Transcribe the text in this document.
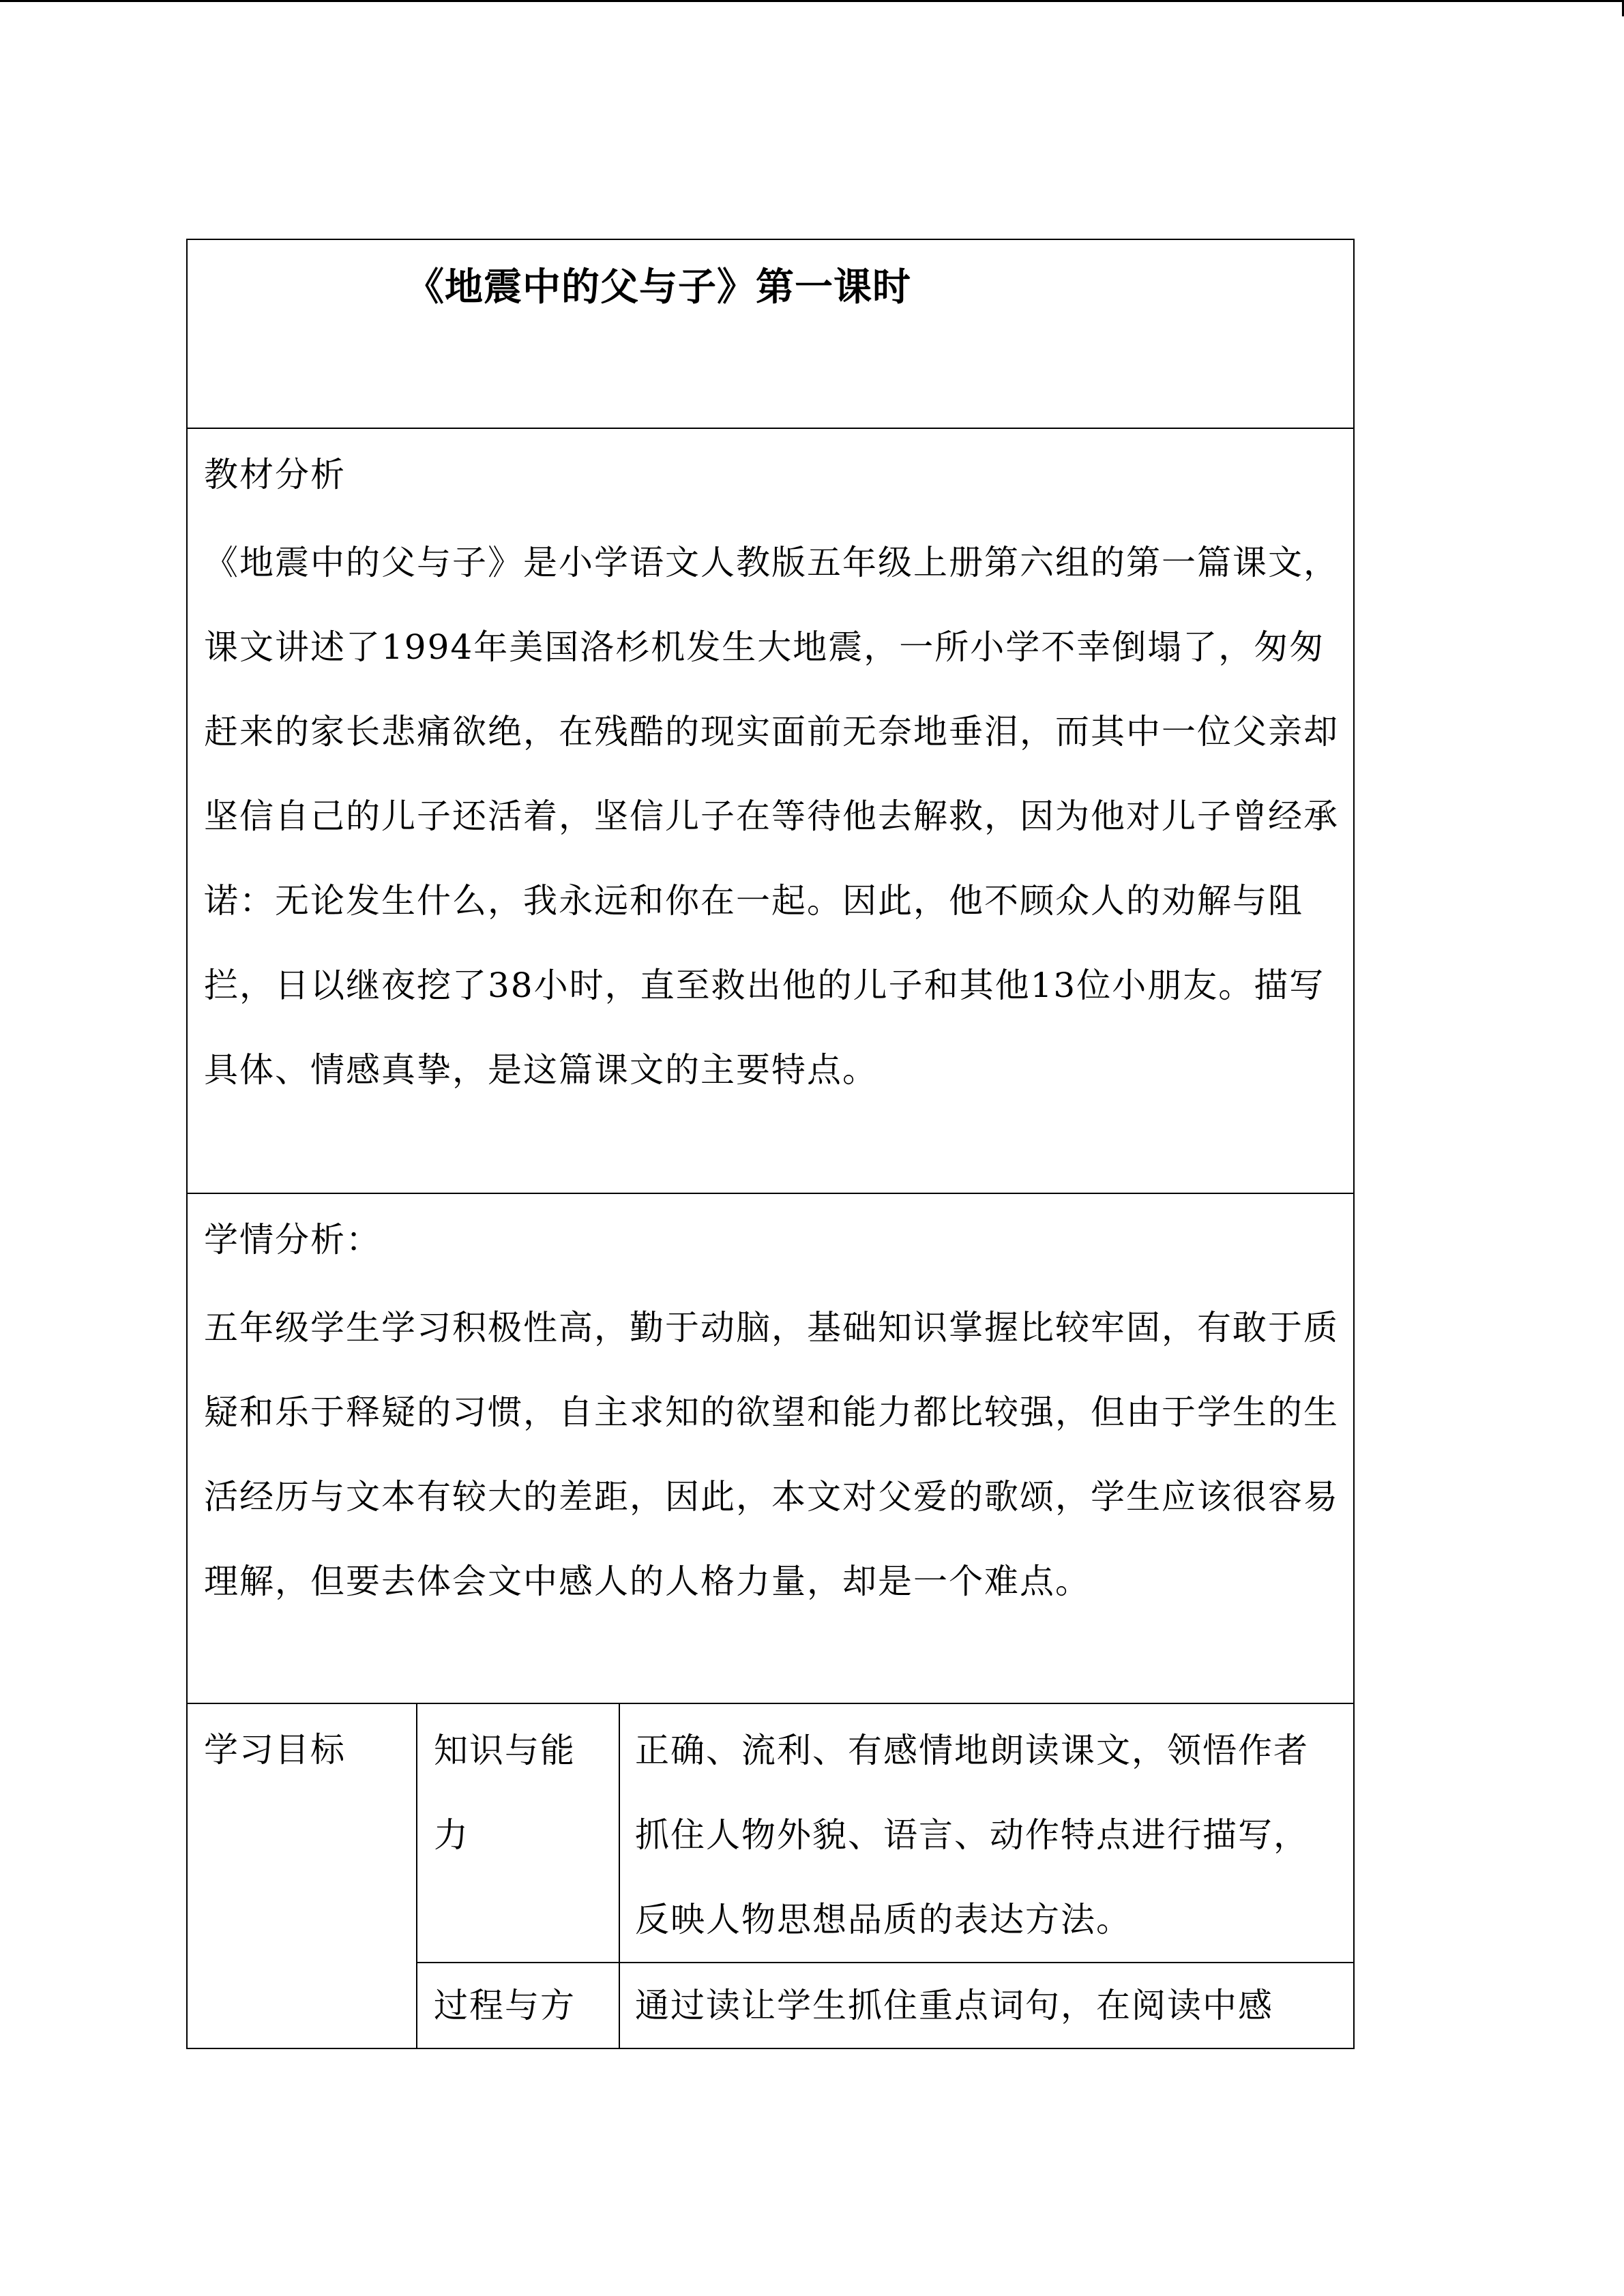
《地震中的父与子》第一课时		

教材分析

《地震中的父与子》是小学语文人教版五年级上册第六组的第一篇课文，课文讲述了1994年美国洛杉机发生大地震，一所小学不幸倒塌了，匆匆赶来的家长悲痛欲绝，在残酷的现实面前无奈地垂泪，而其中一位父亲却坚信自己的儿子还活着，坚信儿子在等待他去解救，因为他对儿子曾经承诺：无论发生什么，我永远和你在一起。因此，他不顾众人的劝解与阻拦，日以继夜挖了38小时，直至救出他的儿子和其他13位小朋友。描写具体、情感真挚，是这篇课文的主要特点。		

学情分析：

五年级学生学习积极性高，勤于动脑，基础知识掌握比较牢固，有敢于质疑和乐于释疑的习惯，自主求知的欲望和能力都比较强，但由于学生的生活经历与文本有较大的差距，因此，本文对父爱的歌颂，学生应该很容易理解，但要去体会文中感人的人格力量，却是一个难点。		

学习目标	知识与能力	正确、流利、有感情地朗读课文，领悟作者抓住人物外貌、语言、动作特点进行描写，反映人物思想品质的表达方法。
	过程与方	通过读让学生抓住重点词句，在阅读中感
